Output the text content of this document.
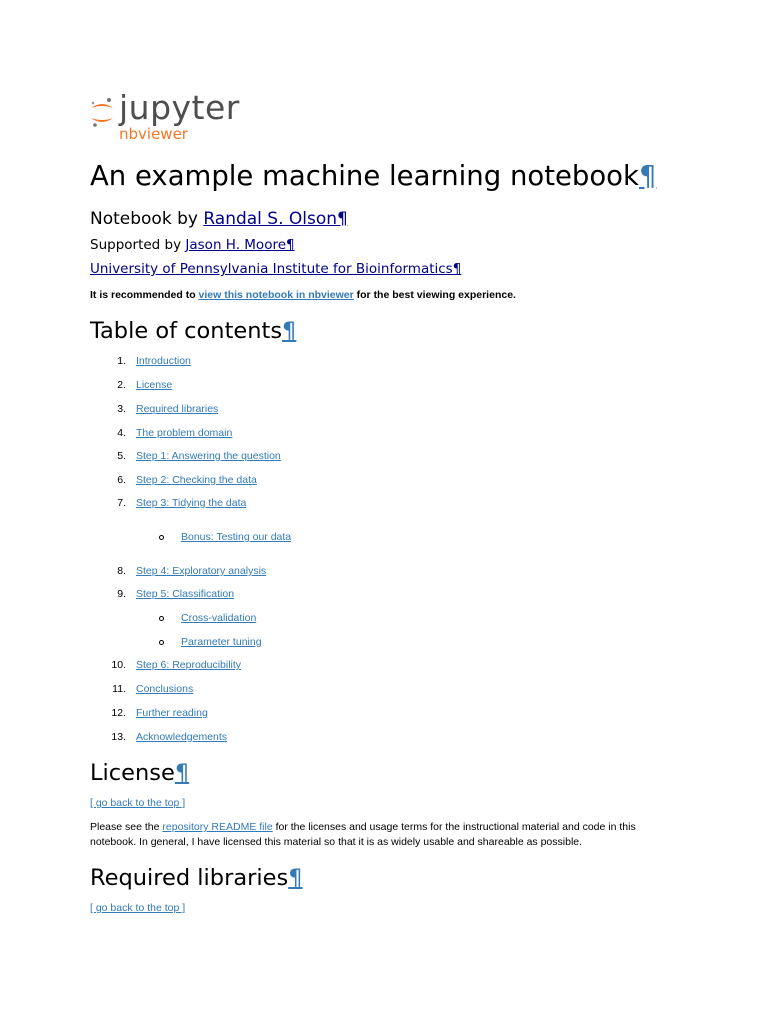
jupyter
nbviewer
An example machine learning notebook¶
Notebook by Randal S. Olson¶
Supported by Jason H. Moore¶
University of Pennsylvania Institute for Bioinformatics¶
It is recommended to view this notebook in nbviewer for the best viewing experience.
Table of contents¶
1. Introduction
2. License
3. Required libraries
4. The problem domain
5. Step 1: Answering the question
6. Step 2: Checking the data
7. Step 3: Tidying the data
Bonus: Testing our data
8. Step 4: Exploratory analysis
9. Step 5: Classification
Cross-validation
Parameter tuning
10. Step 6: Reproducibility
11. Conclusions
12. Further reading
13. Acknowledgements
License¶
[ go back to the top ]
Please see the repository README file for the licenses and usage terms for the instructional material and code in this notebook. In general, I have licensed this material so that it is as widely usable and shareable as possible.
Required libraries¶
[ go back to the top ]
